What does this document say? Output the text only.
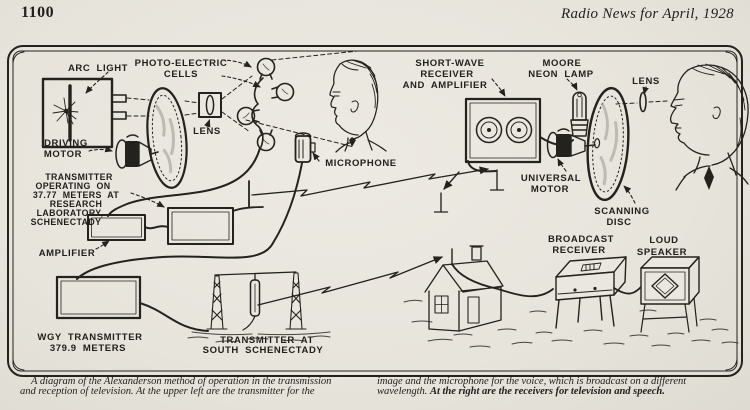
1100	Radio News for April, 1928
ARC LIGHT PHOTO-ELECTRIC
CELLS
LENS
DRIVING
MOTOR
TRANSMITTER
OPERATING ON
37.77 METERS AT
RESEARCH
LABORATORY,
SCHENECTADY
AMPLIFIER
MICROPHONE
SHORT-WAVE
RECEIVER
AND AMPLIFIER
MOORE
NEON LAMP
LENS
UNIVERSAL
MOTOR
SCANNING
DISC
BROADCAST
RECEIVER
LOUD
SPEAKER
WGY TRANSMITTER
379.9 METERS
TRANSMITTER AT
SOUTH SCHENECTADY
A diagram of the Alexanderson method of operation in the transmission
and reception of television. At the upper left are the transmitter for the
image and the microphone for the voice, which is broadcast on a different
wavelength. At the right are the receivers for television and speech.
